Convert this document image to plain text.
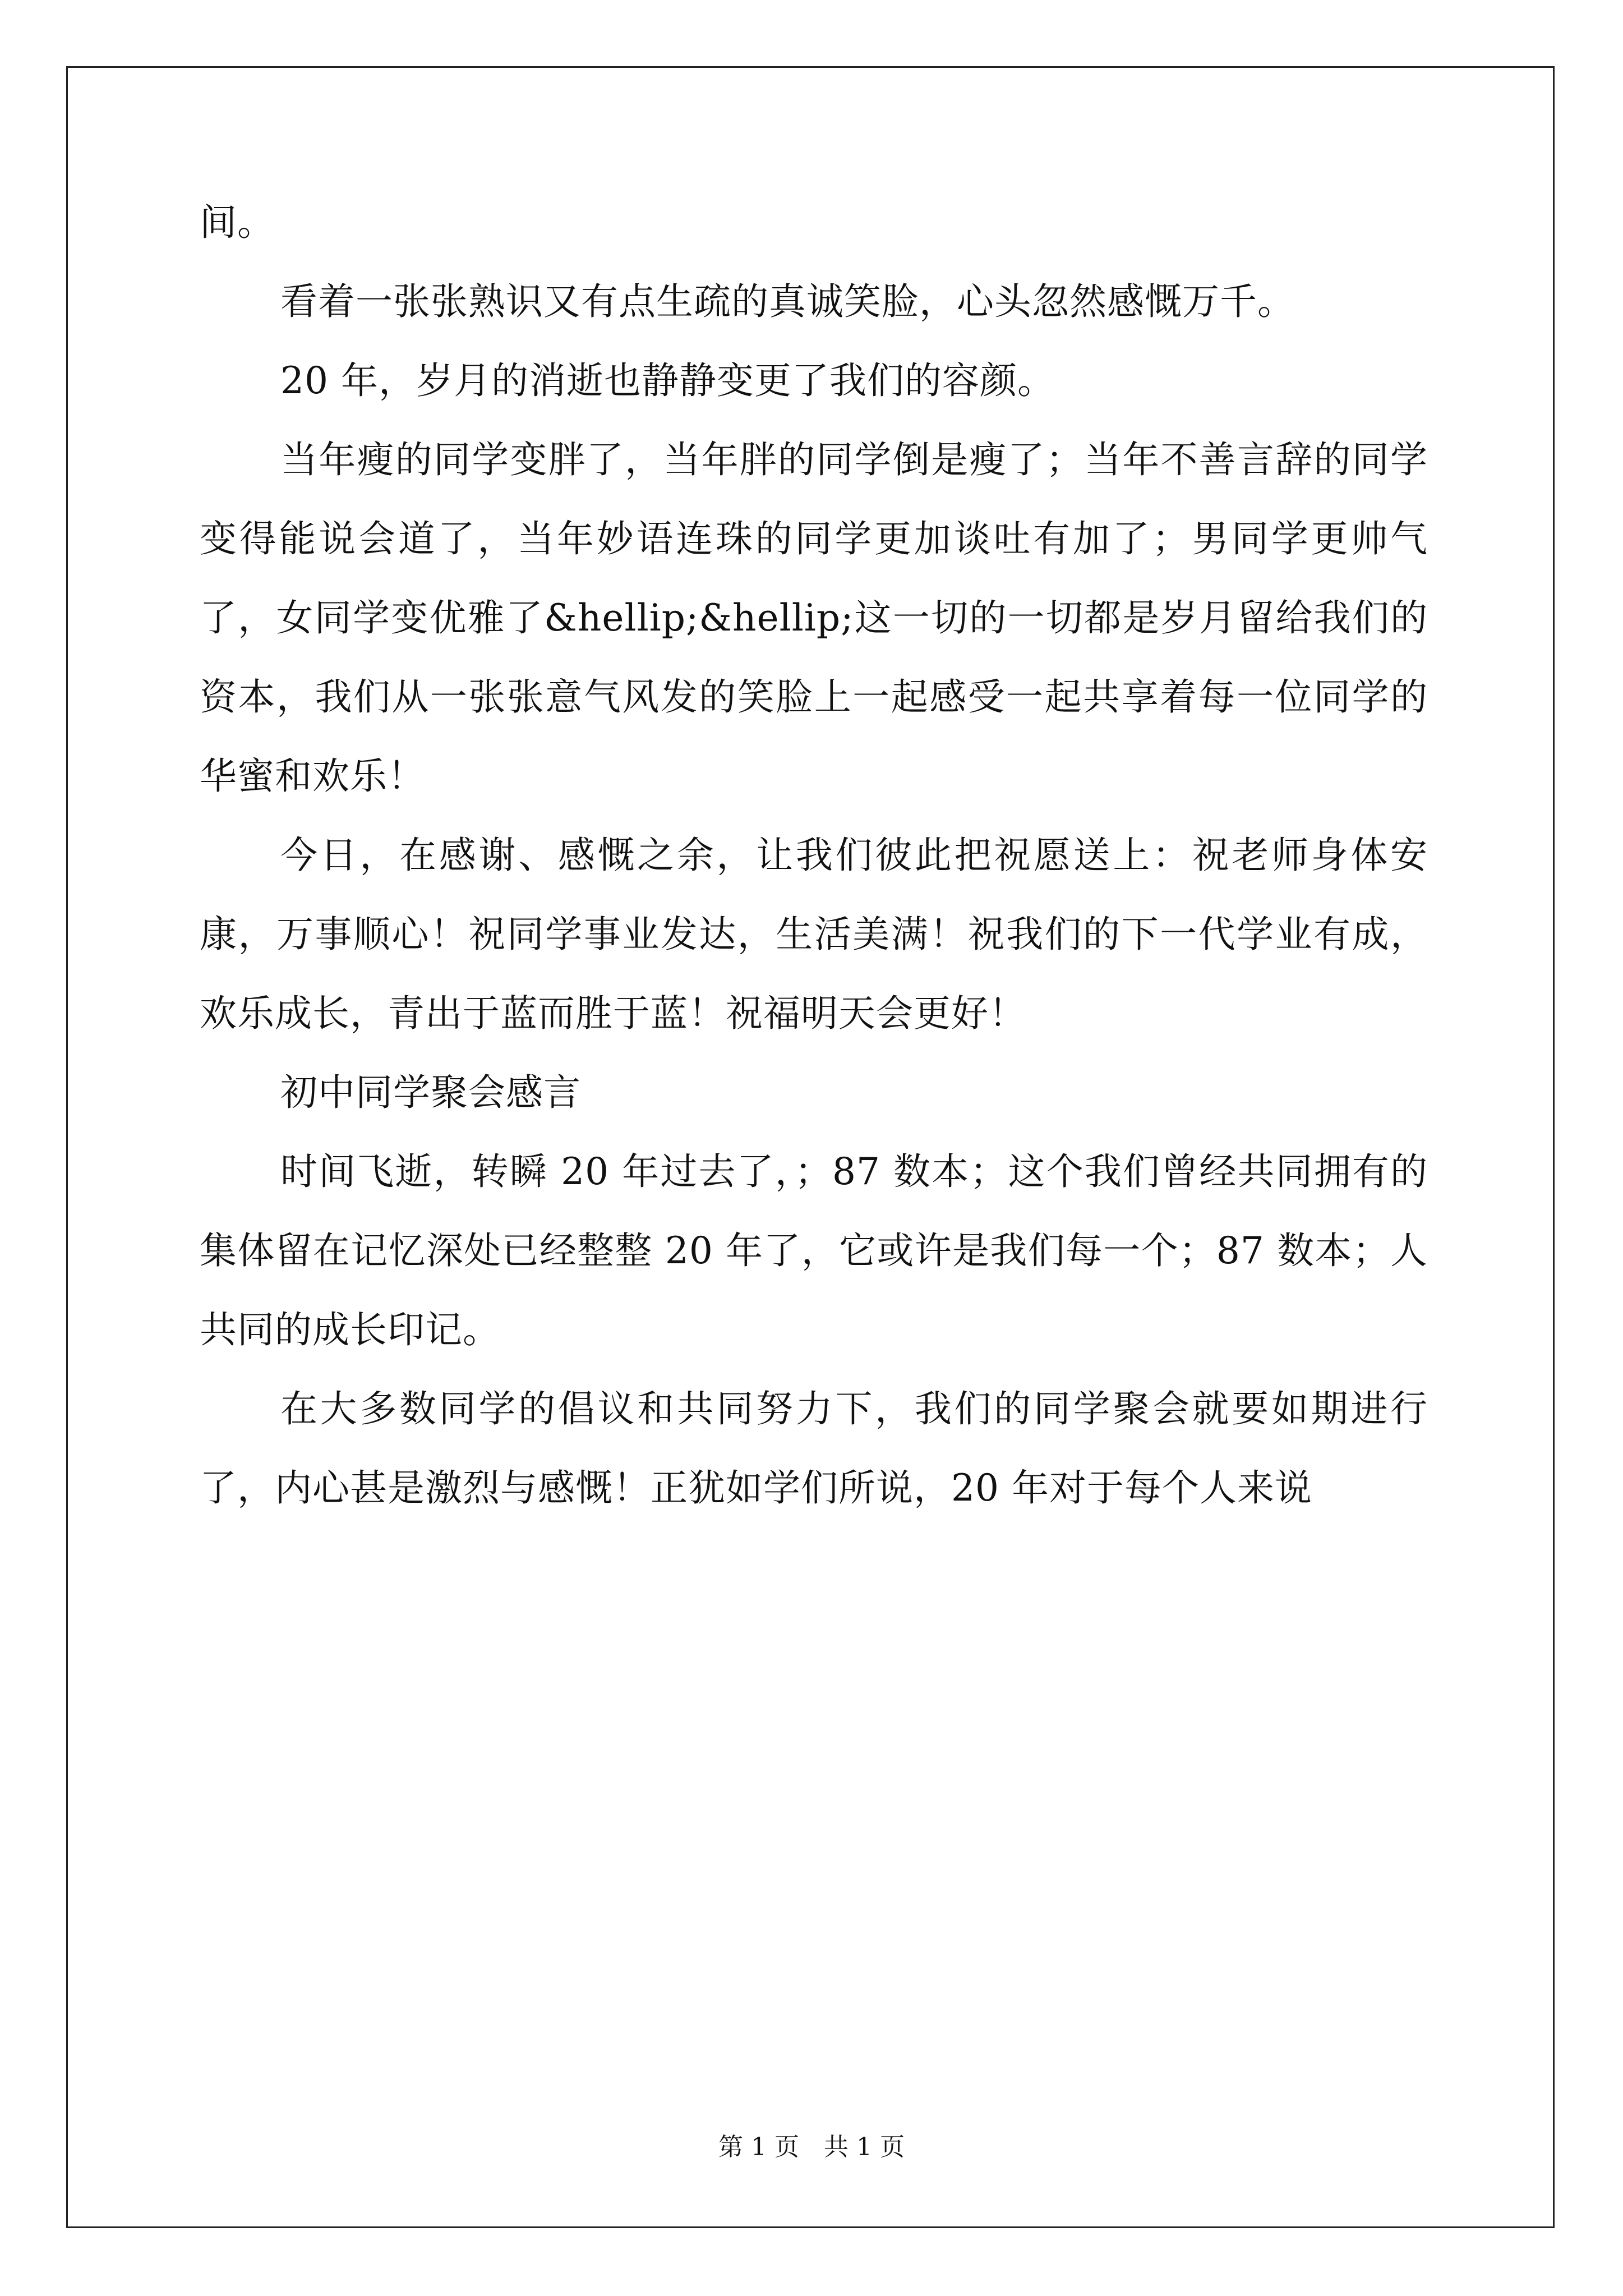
间。

看着一张张熟识又有点生疏的真诚笑脸，心头忽然感慨万千。

20 年，岁月的消逝也静静变更了我们的容颜。

当年瘦的同学变胖了，当年胖的同学倒是瘦了；当年不善言辞的同学变得能说会道了，当年妙语连珠的同学更加谈吐有加了；男同学更帅气了，女同学变优雅了&hellip;&hellip;这一切的一切都是岁月留给我们的资本，我们从一张张意气风发的笑脸上一起感受一起共享着每一位同学的华蜜和欢乐！

今日，在感谢、感慨之余，让我们彼此把祝愿送上：祝老师身体安康，万事顺心！祝同学事业发达，生活美满！祝我们的下一代学业有成，欢乐成长，青出于蓝而胜于蓝！祝福明天会更好！

初中同学聚会感言

时间飞逝，转瞬 20 年过去了，；87 数本；这个我们曾经共同拥有的集体留在记忆深处已经整整 20 年了，它或许是我们每一个；87 数本；人共同的成长印记。

在大多数同学的倡议和共同努力下，我们的同学聚会就要如期进行了，内心甚是激烈与感慨！正犹如学们所说，20 年对于每个人来说

第 1 页　共 1 页
